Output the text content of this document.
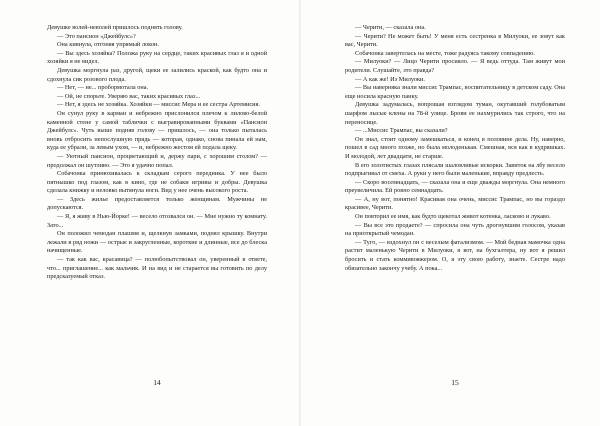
Девушке волей-неволей пришлось поднять голову.

— Это пансион «Джейбулс»?

Она кивнула, отгоняя упрямый локон.

— Вы здесь хозяйка? Положа руку на сердце, таких красивых глаз я и одной хозяйки я не видел.

Девушка моргнула раз, другой, щеки ее залились краской, как будто она и сдохнула сик розового плода.

— Нет, — не... пробормотала она.

— Ой, не спорьте. Уверяю вас, таких красивых глаз...

— Нет, я здесь не хозяйка. Хозяйки — миссис Мера и ее сестра Артемисия.

Он сунул руку в карман и небрежно прислонился плечом к лилово-белой каменной стене у самой таблички с выгравированными буквами «Пансион Джейбулс». Чуть выше подняв голову — пришлось, — она только пыталась вновь отбросить непослушную прядь — которая, однако, снова пинала ей нам, куда ее убрали, за левым ухом, — и, небрежно жестом ей подала щеку.

— Уютный пансион, процветающий и, держу пари, с хорошим столом? — продолжал он шутливо. — Это я удачно попал.

Собачонка принюхивалась к складкам серого передника. У нее было пятнышко под глазом, как в кино, где не собаки игривы и добры. Девушка сделала книжку и неловко вытянула ноги. Вид у нее очень высокого роста.

— Здесь жилье предоставляется только женщинам. Мужчины не допускаются.

— Я, я живу в Нью-Йорке! — весело отозвался он. — Мне нужно ту комнату. Зато...

Он положил чемодан плашмя и, щелкнув замками, поднял крышку. Внутри лежали в ряд ножи — острые и закругленные, короткие и длинные, все до блеска начищенные.

— так как вас, красавица? — полюбопытствовал он, уверенный в ответе, что... приглашение... как мальчик. И на вид и не старается вы готовить по делу предсказуемый отказ.

14

— Черити, — сказала она.

— Черити? Не может быть! У меня есть сестренка в Милуоки, ее зовут как вас, Черити.

Собачонка завертелась на месте, тоже радуясь такому совпадению.

— Милуоки? — Лицо Черити просияло. — Я ведь оттуда. Там живут мои родители. Слушайте, это правда?

— А как же! Из Милуоки.

— Вы наверняка знали миссис Трампас, воспитательницу в детском саду. Она еще носила красную панку.

Девушка задумалась, вопрошая взглядом туман, окутавший голубоватым шарфом лысые клены на 78-й улице. Брови ее нахмурились так строго, что на переносице.

— ...Миссис Трампас, вы сказали?

Он знал, стоит одному замешкаться, и конец в половине дела. Ну, наверно, пошел в сад много позже, но была молоденькая. Смешная, вся как в кудряшках. И молодой, лет двадцати, не старше.

В его золотистых глазах плясали шаловливые искорки. Завиток на лбу весело подпрыгивал от смеха. А руки у него были маленькие, вправду предлесть.

— Скоро восемнадцать, — сказала она и еще дважды моргнула. Она немного преувеличила. Ей ровно семнадцать.

— А, ну вот, понятно! Красивая она очень, миссис Трампас, но вы гораздо красивее, Черити.

Он повторил ее имя, как будто щекотал живот котенка, ласково и лукаво.

— Вы все это продаете? — спросила она чуть дрогнувшим голосом, указав на приоткрытый чемодан.

— Туго, — вздохнул он с веселым фатализмом. — Мой бедная мамочка одна растит маленькую Черити в Милуоки, я вот, на бухгалтера, ну вот я решил бросить и стать коммивояжером. О, я эту свою работу, знаете. Сестре надо обязательно закончу учебу. А пока...

15
